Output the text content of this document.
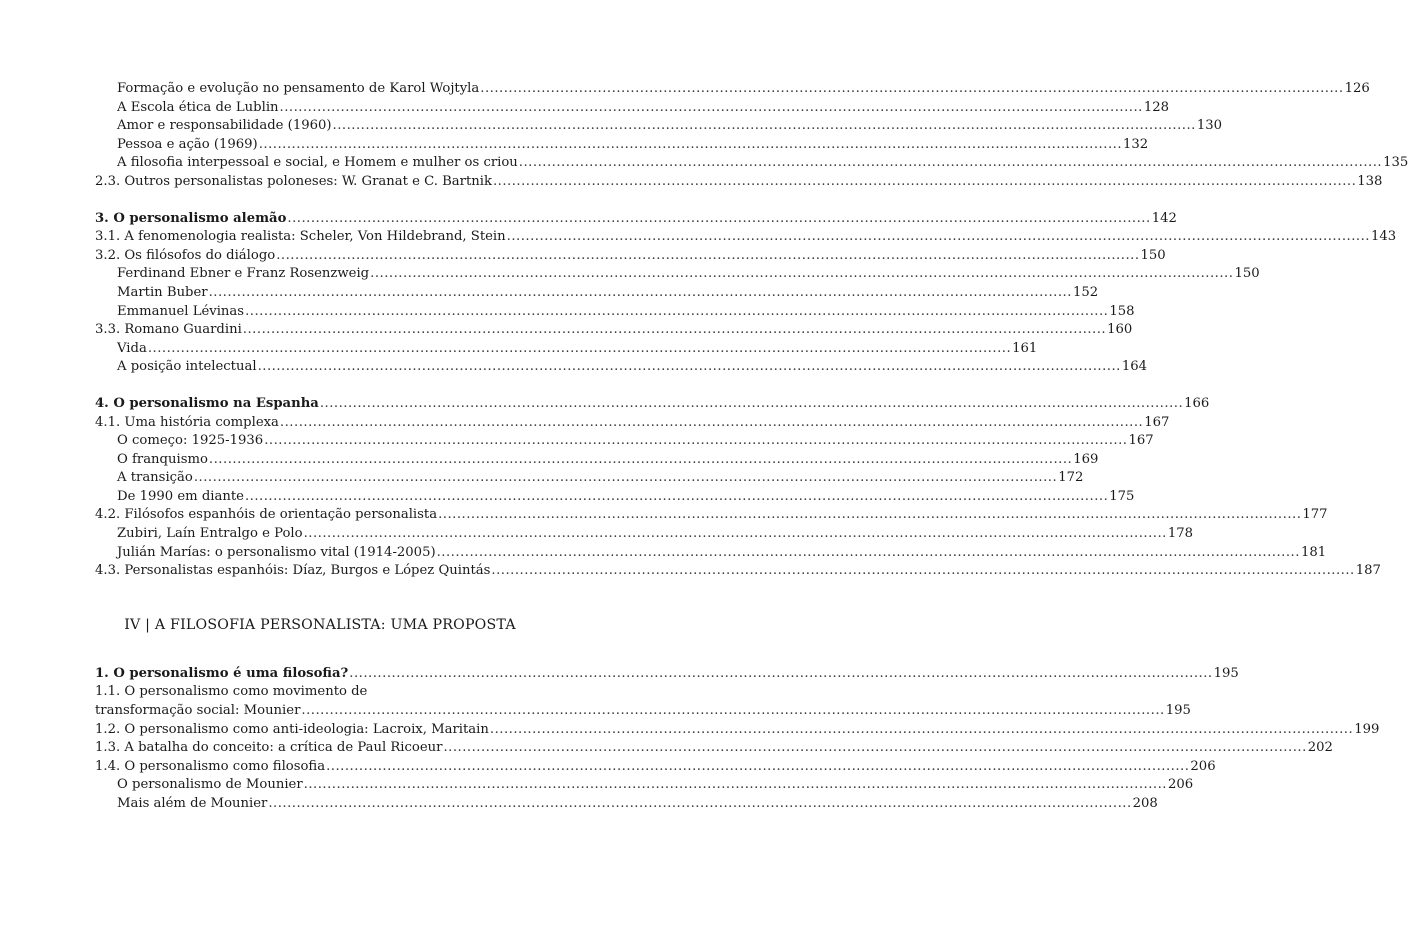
Formação e evolução no pensamento de Karol Wojtyla .....	126
A Escola ética de Lublin .....	128
Amor e responsabilidade (1960) .....	130
Pessoa e ação (1969) .....	132
A filosofia interpessoal e social, e Homem e mulher os criou .....	135
2.3. Outros personalistas poloneses: W. Granat e C. Bartnik .....	138
3. O personalismo alemão .....	142
3.1. A fenomenologia realista: Scheler, Von Hildebrand, Stein .....	143
3.2. Os filósofos do diálogo .....	150
Ferdinand Ebner e Franz Rosenzweig .....	150
Martin Buber .....	152
Emmanuel Lévinas .....	158
3.3. Romano Guardini .....	160
Vida .....	161
A posição intelectual .....	164
4. O personalismo na Espanha .....	166
4.1. Uma história complexa .....	167
O começo: 1925-1936 .....	167
O franquismo .....	169
A transição .....	172
De 1990 em diante .....	175
4.2. Filósofos espanhóis de orientação personalista .....	177
Zubiri, Laín Entralgo e Polo .....	178
Julián Marías: o personalismo vital (1914-2005) .....	181
4.3. Personalistas espanhóis: Díaz, Burgos e López Quintás .....	187
IV | A FILOSOFIA PERSONALISTA: UMA PROPOSTA
1. O personalismo é uma filosofia? .....	195
1.1. O personalismo como movimento de
transformação social: Mounier .....	195
1.2. O personalismo como anti-ideologia: Lacroix, Maritain .....	199
1.3. A batalha do conceito: a crítica de Paul Ricoeur .....	202
1.4. O personalismo como filosofia .....	206
O personalismo de Mounier .....	206
Mais além de Mounier .....	208
